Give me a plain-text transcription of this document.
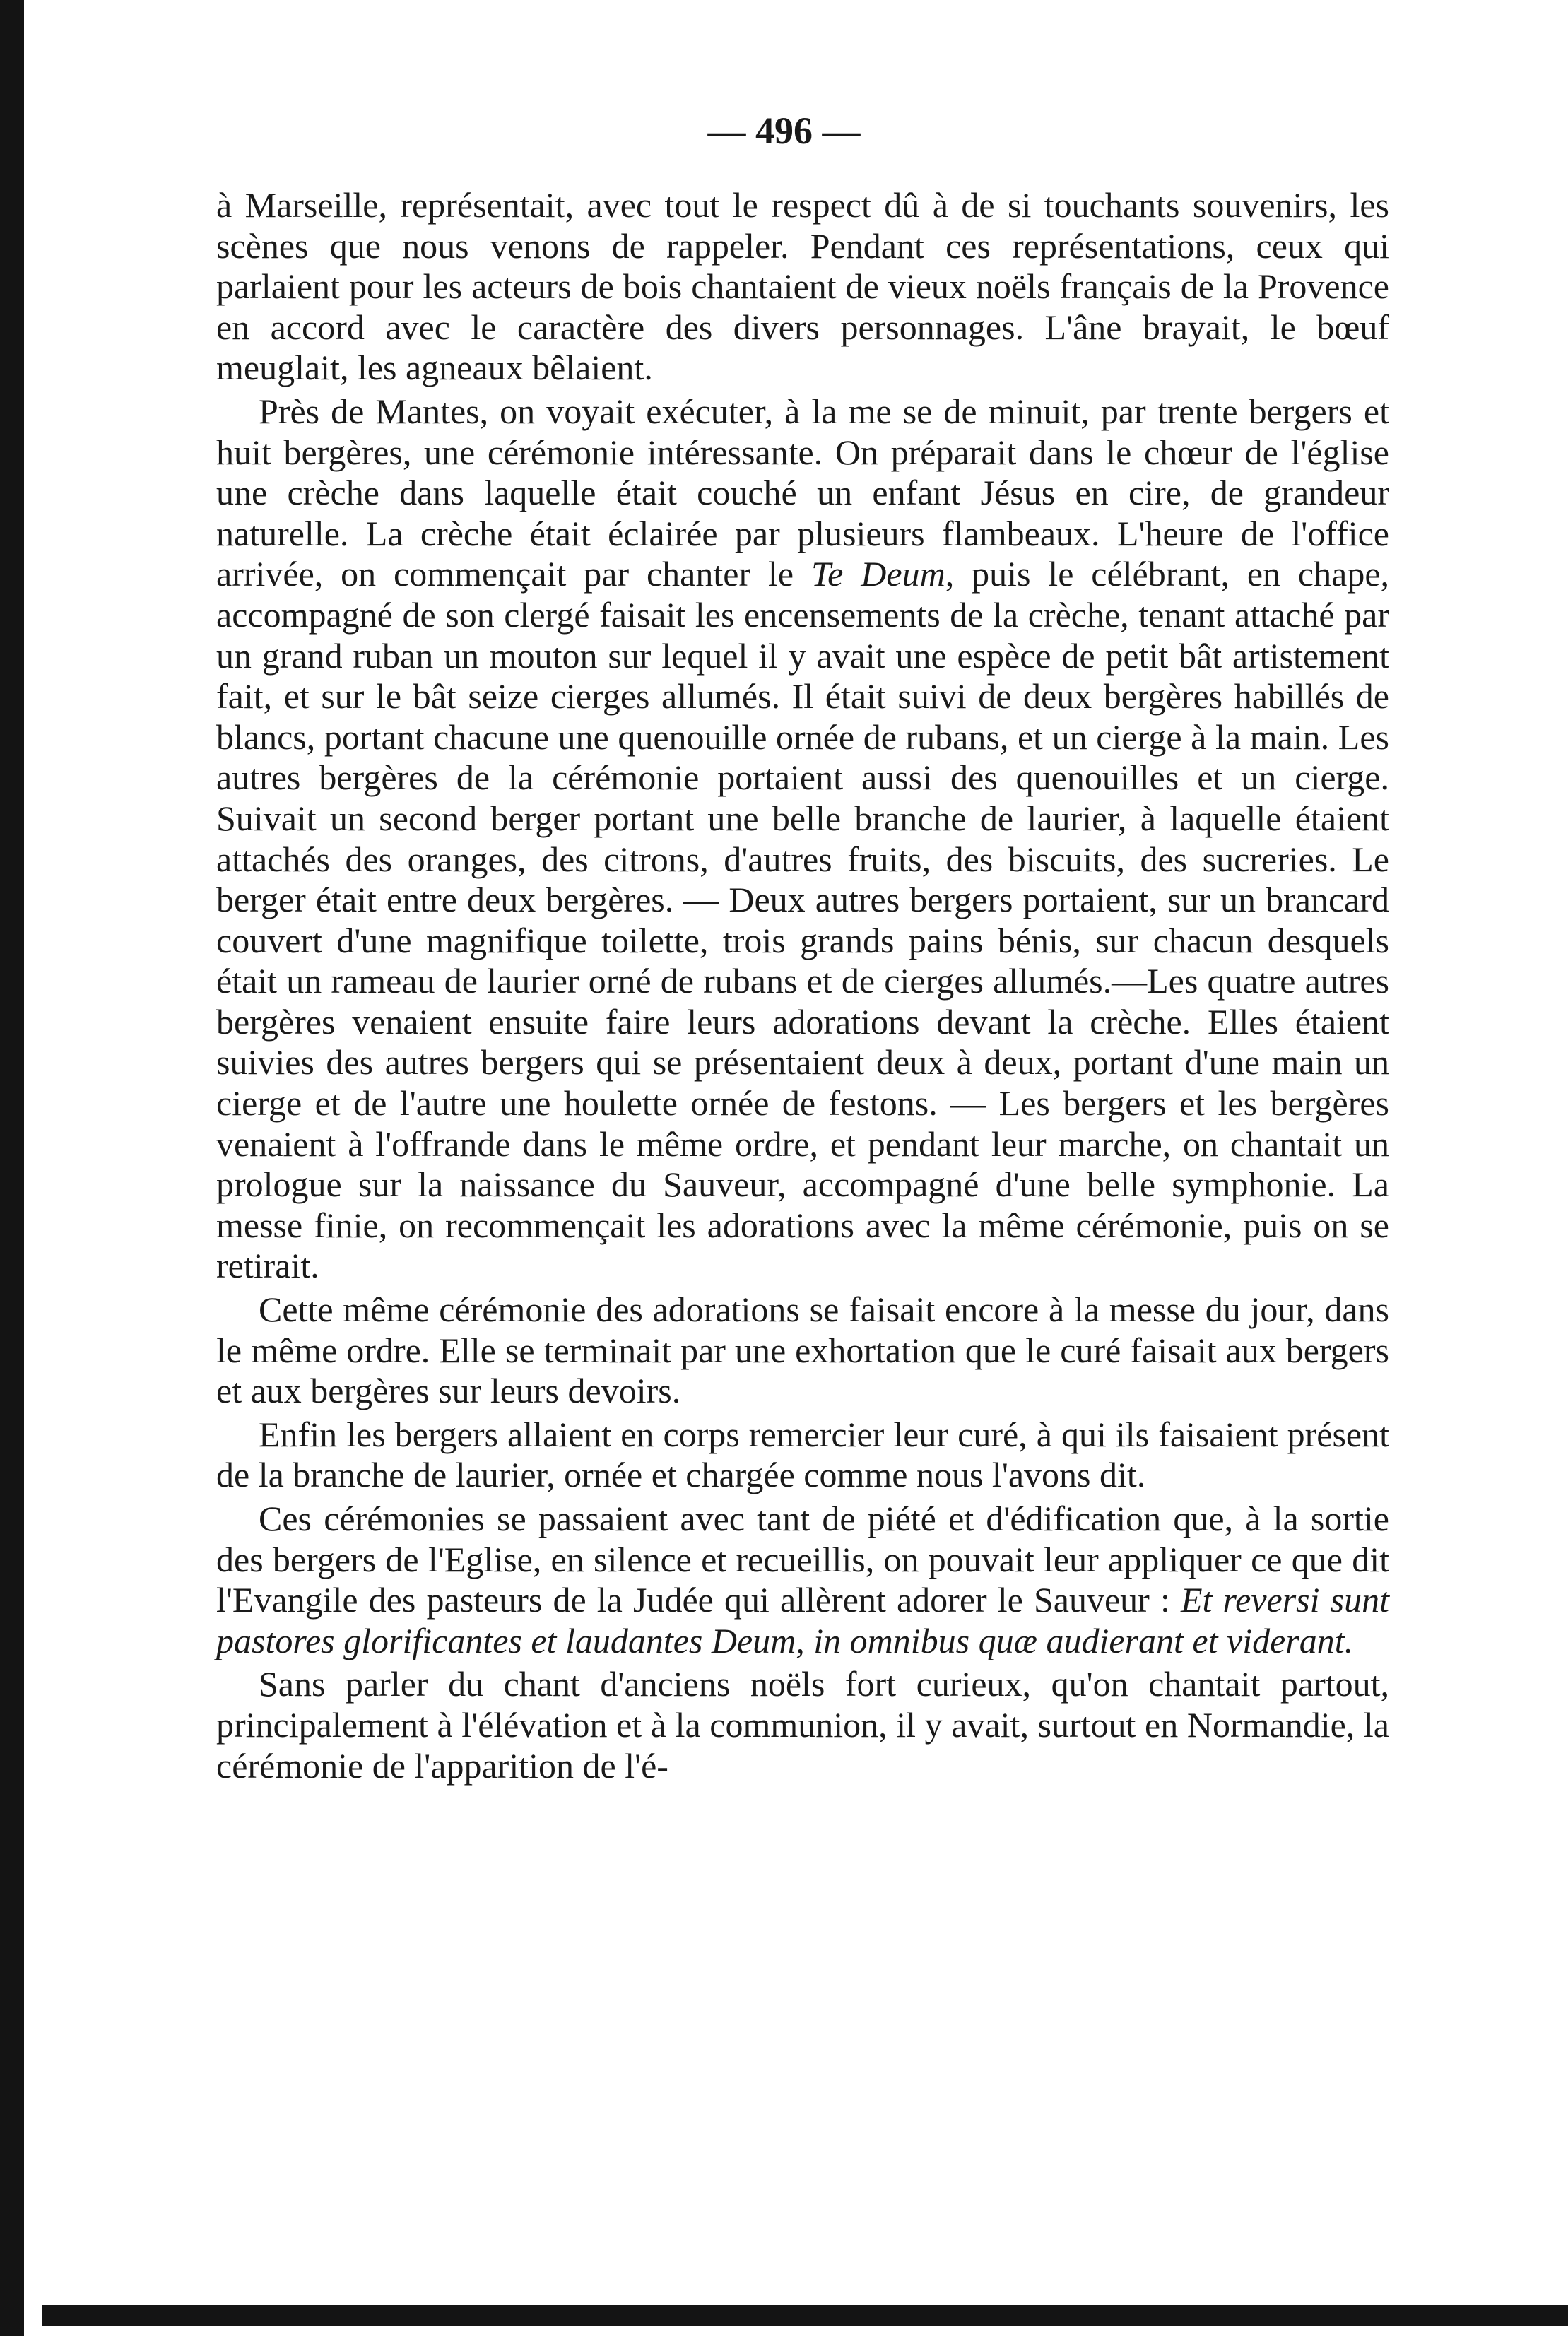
— 496 —

à Marseille, représentait, avec tout le respect dû à de si touchants souvenirs, les scènes que nous venons de rappeler. Pendant ces représentations, ceux qui parlaient pour les acteurs de bois chantaient de vieux noëls français de la Provence en accord avec le caractère des divers personnages. L'âne brayait, le bœuf meuglait, les agneaux bêlaient.

Près de Mantes, on voyait exécuter, à la me se de minuit, par trente bergers et huit bergères, une cérémonie intéressante. On préparait dans le chœur de l'église une crèche dans laquelle était couché un enfant Jésus en cire, de grandeur naturelle. La crèche était éclairée par plusieurs flambeaux. L'heure de l'office arrivée, on commençait par chanter le Te Deum, puis le célébrant, en chape, accompagné de son clergé faisait les encensements de la crèche, tenant attaché par un grand ruban un mouton sur lequel il y avait une espèce de petit bât artistement fait, et sur le bât seize cierges allumés. Il était suivi de deux bergères habillés de blancs, portant chacune une quenouille ornée de rubans, et un cierge à la main. Les autres bergères de la cérémonie portaient aussi des quenouilles et un cierge. Suivait un second berger portant une belle branche de laurier, à laquelle étaient attachés des oranges, des citrons, d'autres fruits, des biscuits, des sucreries. Le berger était entre deux bergères. — Deux autres bergers portaient, sur un brancard couvert d'une magnifique toilette, trois grands pains bénis, sur chacun desquels était un rameau de laurier orné de rubans et de cierges allumés.—Les quatre autres bergères venaient ensuite faire leurs adorations devant la crèche. Elles étaient suivies des autres bergers qui se présentaient deux à deux, portant d'une main un cierge et de l'autre une houlette ornée de festons. — Les bergers et les bergères venaient à l'offrande dans le même ordre, et pendant leur marche, on chantait un prologue sur la naissance du Sauveur, accompagné d'une belle symphonie. La messe finie, on recommençait les adorations avec la même cérémonie, puis on se retirait.

Cette même cérémonie des adorations se faisait encore à la messe du jour, dans le même ordre. Elle se terminait par une exhortation que le curé faisait aux bergers et aux bergères sur leurs devoirs.

Enfin les bergers allaient en corps remercier leur curé, à qui ils faisaient présent de la branche de laurier, ornée et chargée comme nous l'avons dit.

Ces cérémonies se passaient avec tant de piété et d'édification que, à la sortie des bergers de l'Eglise, en silence et recueillis, on pouvait leur appliquer ce que dit l'Evangile des pasteurs de la Judée qui allèrent adorer le Sauveur : Et reversi sunt pastores glorificantes et laudantes Deum, in omnibus quæ audierant et viderant.

Sans parler du chant d'anciens noëls fort curieux, qu'on chantait partout, principalement à l'élévation et à la communion, il y avait, surtout en Normandie, la cérémonie de l'apparition de l'é-
